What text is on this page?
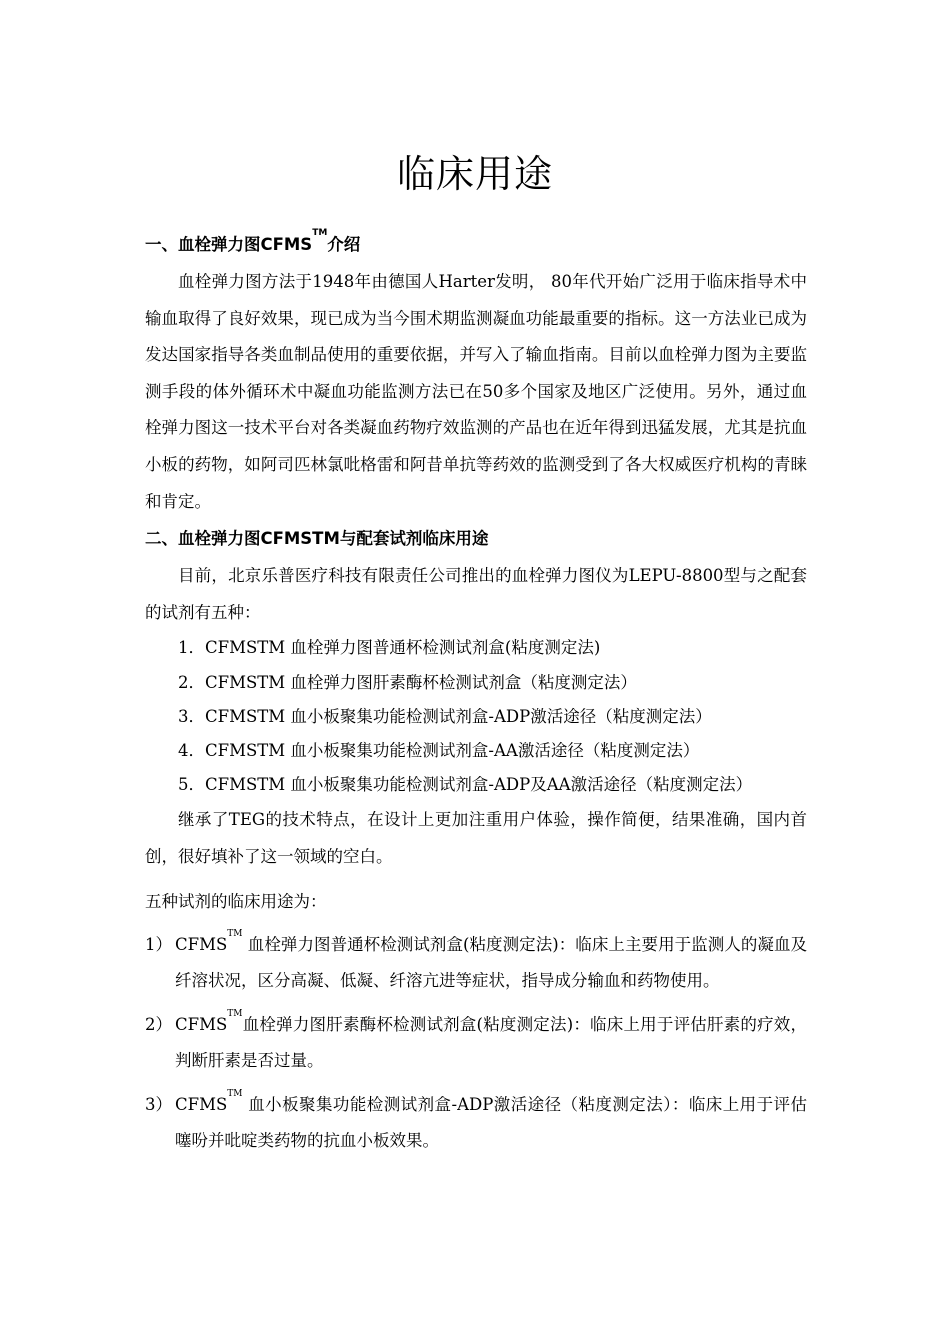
临床用途
一、血栓弹力图CFMS™介绍

血栓弹力图方法于1948年由德国人Harter发明， 80年代开始广泛用于临床指导术中输血取得了良好效果，现已成为当今围术期监测凝血功能最重要的指标。这一方法业已成为发达国家指导各类血制品使用的重要依据，并写入了输血指南。目前以血栓弹力图为主要监测手段的体外循环术中凝血功能监测方法已在50多个国家及地区广泛使用。另外，通过血栓弹力图这一技术平台对各类凝血药物疗效监测的产品也在近年得到迅猛发展，尤其是抗血小板的药物，如阿司匹林氯吡格雷和阿昔单抗等药效的监测受到了各大权威医疗机构的青睐和肯定。

二、血栓弹力图CFMSTM与配套试剂临床用途

目前，北京乐普医疗科技有限责任公司推出的血栓弹力图仪为LEPU-8800型与之配套的试剂有五种：

1．CFMSTM 血栓弹力图普通杯检测试剂盒(粘度测定法)
2．CFMSTM 血栓弹力图肝素酶杯检测试剂盒（粘度测定法）
3．CFMSTM 血小板聚集功能检测试剂盒-ADP激活途径（粘度测定法）
4．CFMSTM 血小板聚集功能检测试剂盒-AA激活途径（粘度测定法）
5．CFMSTM 血小板聚集功能检测试剂盒-ADP及AA激活途径（粘度测定法）

继承了TEG的技术特点，在设计上更加注重用户体验，操作简便，结果准确，国内首创，很好填补了这一领域的空白。

五种试剂的临床用途为：

1） CFMS™ 血栓弹力图普通杯检测试剂盒(粘度测定法)：临床上主要用于监测人的凝血及纤溶状况，区分高凝、低凝、纤溶亢进等症状，指导成分输血和药物使用。
2） CFMS™血栓弹力图肝素酶杯检测试剂盒(粘度测定法)：临床上用于评估肝素的疗效，判断肝素是否过量。
3） CFMS™ 血小板聚集功能检测试剂盒-ADP激活途径（粘度测定法）：临床上用于评估噻吩并吡啶类药物的抗血小板效果。
